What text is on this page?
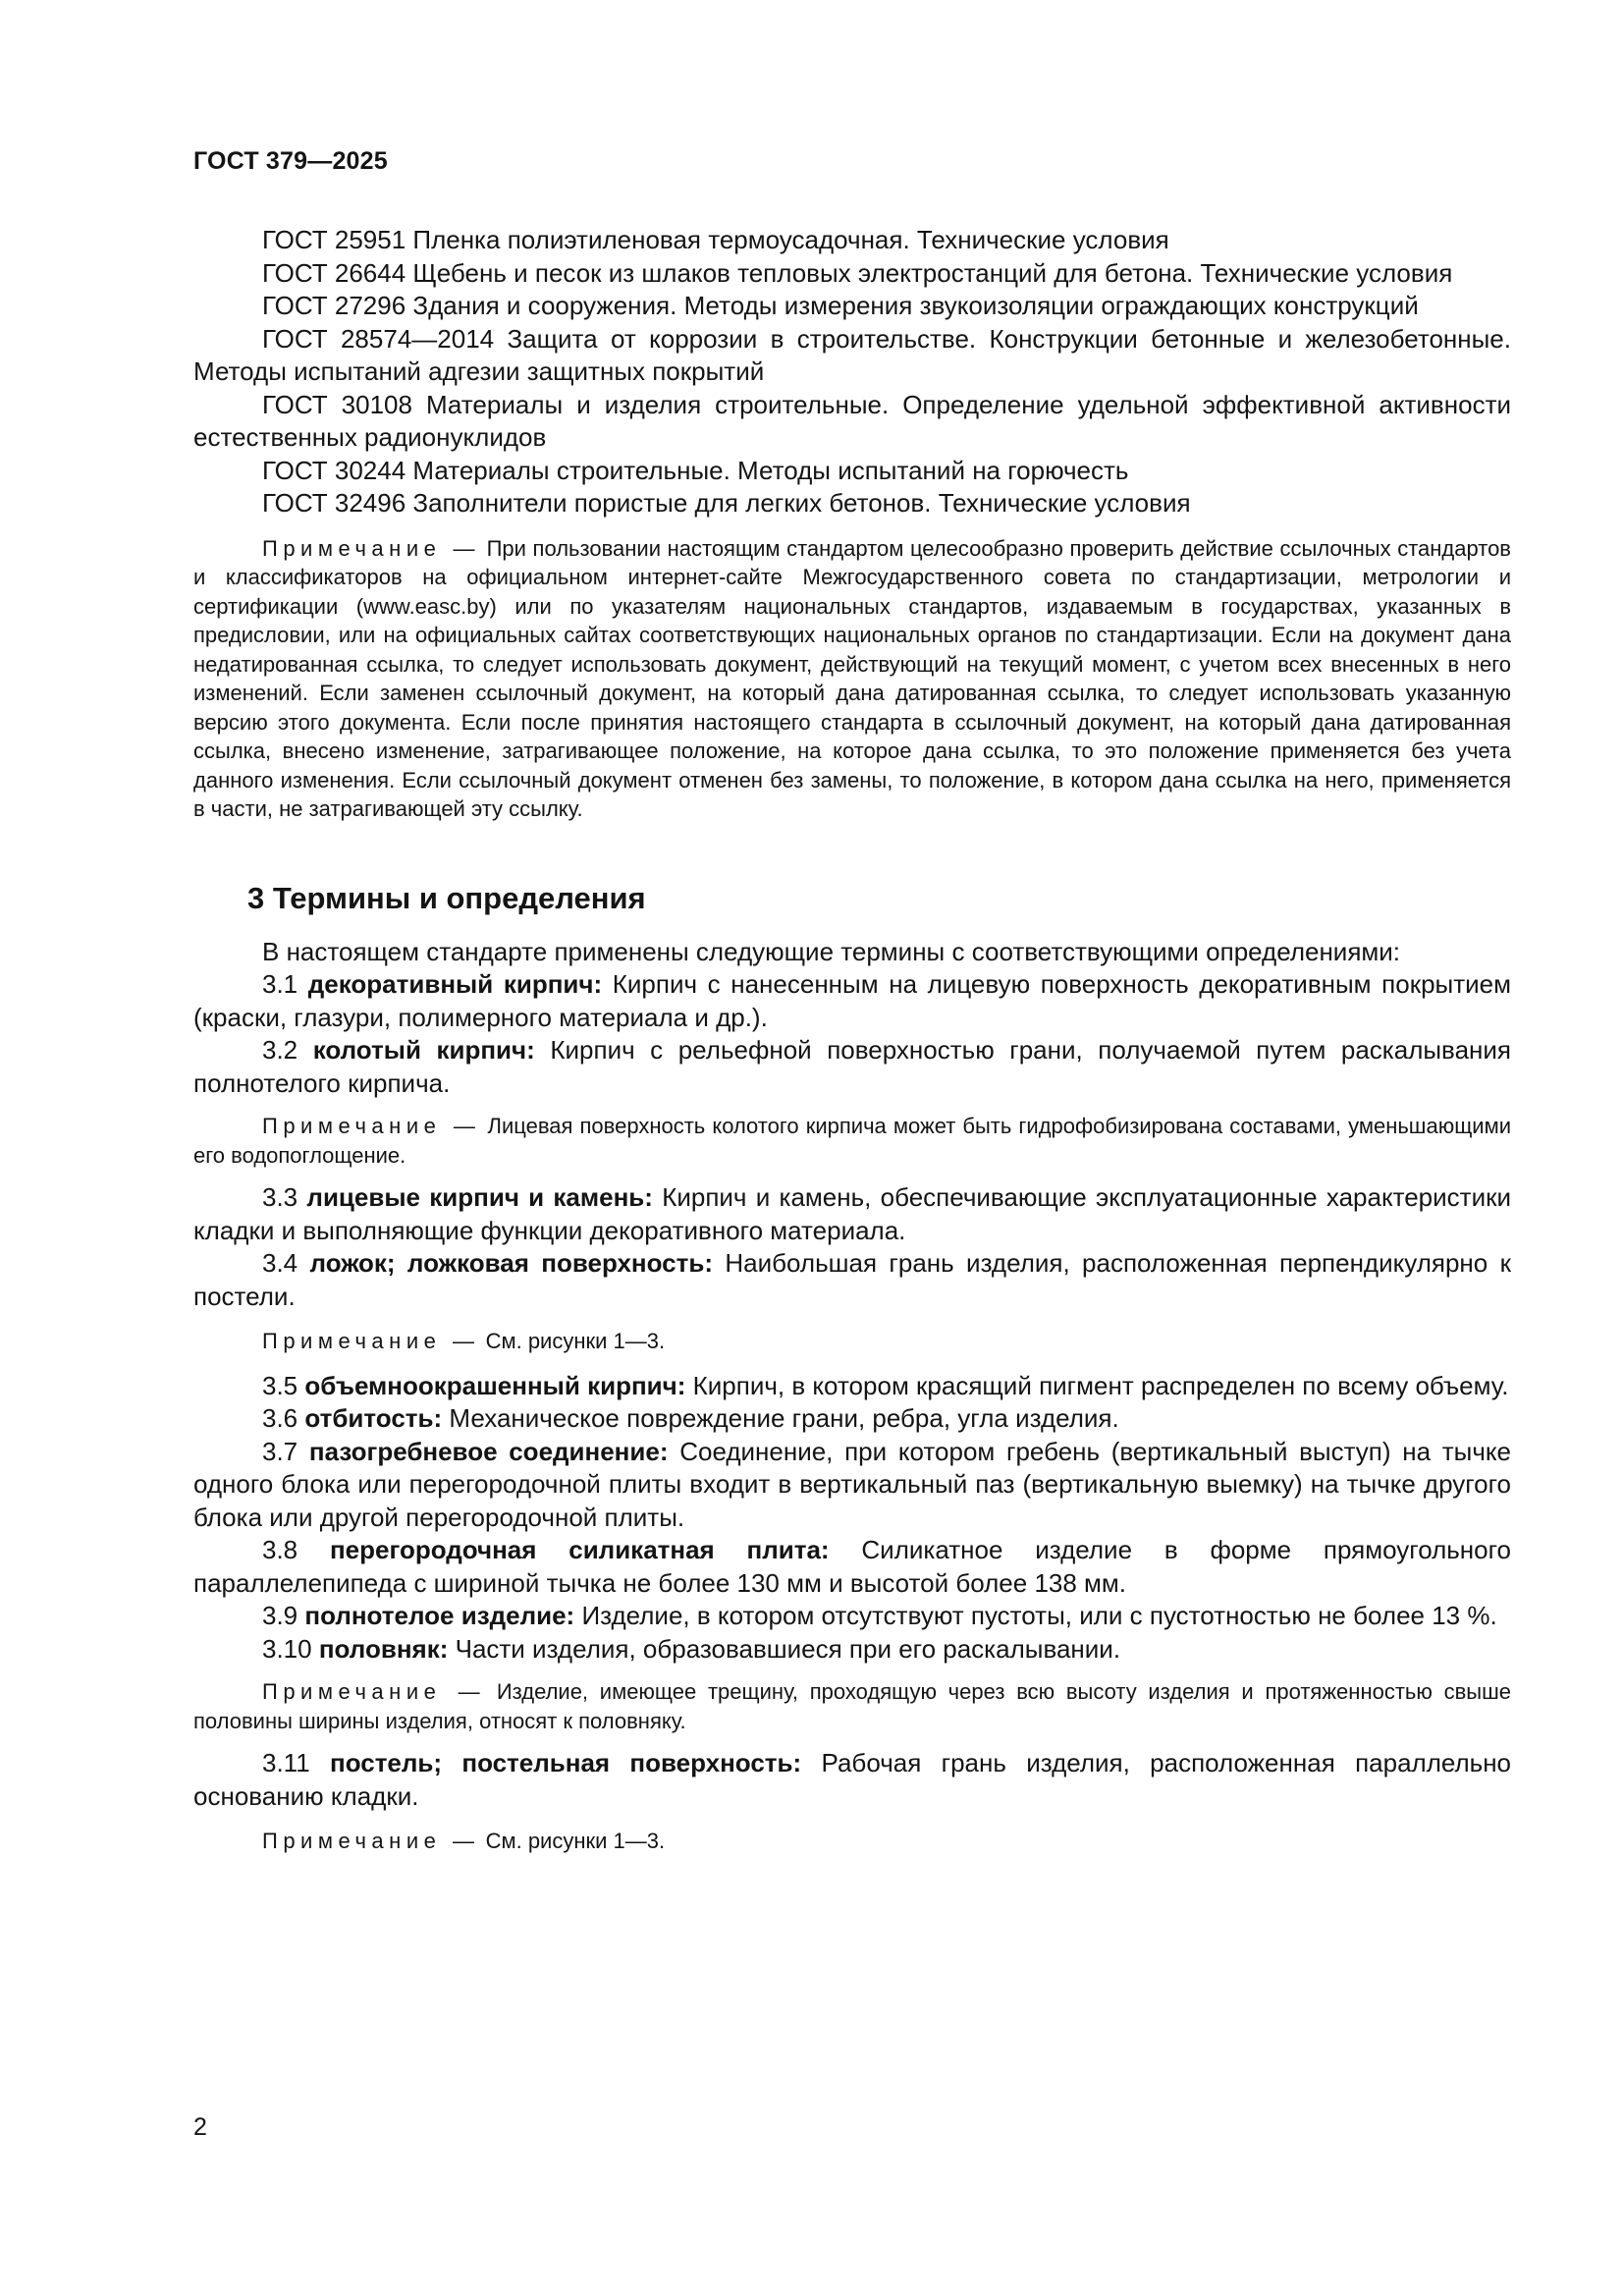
ГОСТ 379—2025

ГОСТ 25951 Пленка полиэтиленовая термоусадочная. Технические условия

ГОСТ 26644 Щебень и песок из шлаков тепловых электростанций для бетона. Технические условия

ГОСТ 27296 Здания и сооружения. Методы измерения звукоизоляции ограждающих конструкций

ГОСТ 28574—2014 Защита от коррозии в строительстве. Конструкции бетонные и железобетонные. Методы испытаний адгезии защитных покрытий

ГОСТ 30108 Материалы и изделия строительные. Определение удельной эффективной активности естественных радионуклидов

ГОСТ 30244 Материалы строительные. Методы испытаний на горючесть

ГОСТ 32496 Заполнители пористые для легких бетонов. Технические условия

Примечание — При пользовании настоящим стандартом целесообразно проверить действие ссылочных стандартов и классификаторов на официальном интернет-сайте Межгосударственного совета по стандартизации, метрологии и сертификации (www.easc.by) или по указателям национальных стандартов, издаваемым в государствах, указанных в предисловии, или на официальных сайтах соответствующих национальных органов по стандартизации. Если на документ дана недатированная ссылка, то следует использовать документ, действующий на текущий момент, с учетом всех внесенных в него изменений. Если заменен ссылочный документ, на который дана датированная ссылка, то следует использовать указанную версию этого документа. Если после принятия настоящего стандарта в ссылочный документ, на который дана датированная ссылка, внесено изменение, затрагивающее положение, на которое дана ссылка, то это положение применяется без учета данного изменения. Если ссылочный документ отменен без замены, то положение, в котором дана ссылка на него, применяется в части, не затрагивающей эту ссылку.

3 Термины и определения

В настоящем стандарте применены следующие термины с соответствующими определениями:

3.1 декоративный кирпич: Кирпич с нанесенным на лицевую поверхность декоративным покрытием (краски, глазури, полимерного материала и др.).

3.2 колотый кирпич: Кирпич с рельефной поверхностью грани, получаемой путем раскалывания полнотелого кирпича.

Примечание — Лицевая поверхность колотого кирпича может быть гидрофобизирована составами, уменьшающими его водопоглощение.

3.3 лицевые кирпич и камень: Кирпич и камень, обеспечивающие эксплуатационные характеристики кладки и выполняющие функции декоративного материала.

3.4 ложок; ложковая поверхность: Наибольшая грань изделия, расположенная перпендикулярно к постели.

Примечание — См. рисунки 1—3.

3.5 объемноокрашенный кирпич: Кирпич, в котором красящий пигмент распределен по всему объему.

3.6 отбитость: Механическое повреждение грани, ребра, угла изделия.

3.7 пазогребневое соединение: Соединение, при котором гребень (вертикальный выступ) на тычке одного блока или перегородочной плиты входит в вертикальный паз (вертикальную выемку) на тычке другого блока или другой перегородочной плиты.

3.8 перегородочная силикатная плита: Силикатное изделие в форме прямоугольного параллелепипеда с шириной тычка не более 130 мм и высотой более 138 мм.

3.9 полнотелое изделие: Изделие, в котором отсутствуют пустоты, или с пустотностью не более 13 %.

3.10 половняк: Части изделия, образовавшиеся при его раскалывании.

Примечание — Изделие, имеющее трещину, проходящую через всю высоту изделия и протяженностью свыше половины ширины изделия, относят к половняку.

3.11 постель; постельная поверхность: Рабочая грань изделия, расположенная параллельно основанию кладки.

Примечание — См. рисунки 1—3.

2
